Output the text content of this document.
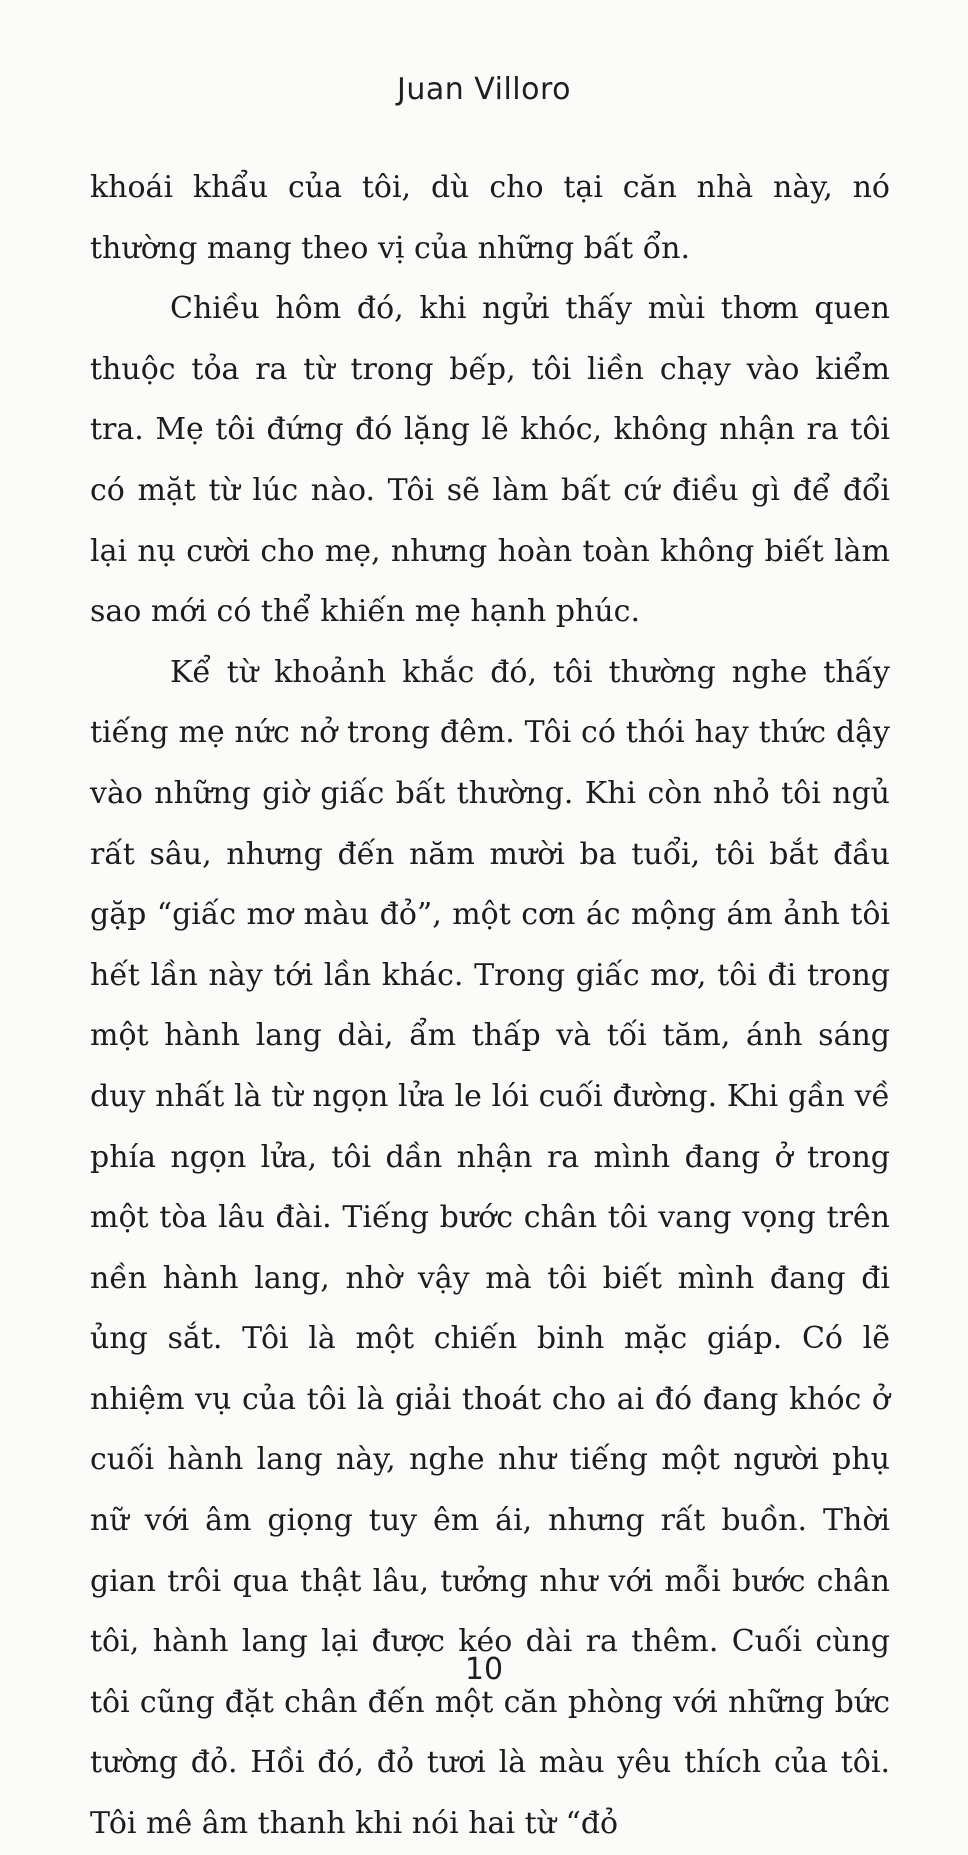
Juan Villoro

khoái khẩu của tôi, dù cho tại căn nhà này, nó thường mang theo vị của những bất ổn.

Chiều hôm đó, khi ngửi thấy mùi thơm quen thuộc tỏa ra từ trong bếp, tôi liền chạy vào kiểm tra. Mẹ tôi đứng đó lặng lẽ khóc, không nhận ra tôi có mặt từ lúc nào. Tôi sẽ làm bất cứ điều gì để đổi lại nụ cười cho mẹ, nhưng hoàn toàn không biết làm sao mới có thể khiến mẹ hạnh phúc.

Kể từ khoảnh khắc đó, tôi thường nghe thấy tiếng mẹ nức nở trong đêm. Tôi có thói hay thức dậy vào những giờ giấc bất thường. Khi còn nhỏ tôi ngủ rất sâu, nhưng đến năm mười ba tuổi, tôi bắt đầu gặp “giấc mơ màu đỏ”, một cơn ác mộng ám ảnh tôi hết lần này tới lần khác. Trong giấc mơ, tôi đi trong một hành lang dài, ẩm thấp và tối tăm, ánh sáng duy nhất là từ ngọn lửa le lói cuối đường. Khi gần về phía ngọn lửa, tôi dần nhận ra mình đang ở trong một tòa lâu đài. Tiếng bước chân tôi vang vọng trên nền hành lang, nhờ vậy mà tôi biết mình đang đi ủng sắt. Tôi là một chiến binh mặc giáp. Có lẽ nhiệm vụ của tôi là giải thoát cho ai đó đang khóc ở cuối hành lang này, nghe như tiếng một người phụ nữ với âm giọng tuy êm ái, nhưng rất buồn. Thời gian trôi qua thật lâu, tưởng như với mỗi bước chân tôi, hành lang lại được kéo dài ra thêm. Cuối cùng tôi cũng đặt chân đến một căn phòng với những bức tường đỏ. Hồi đó, đỏ tươi là màu yêu thích của tôi. Tôi mê âm thanh khi nói hai từ “đỏ

10
